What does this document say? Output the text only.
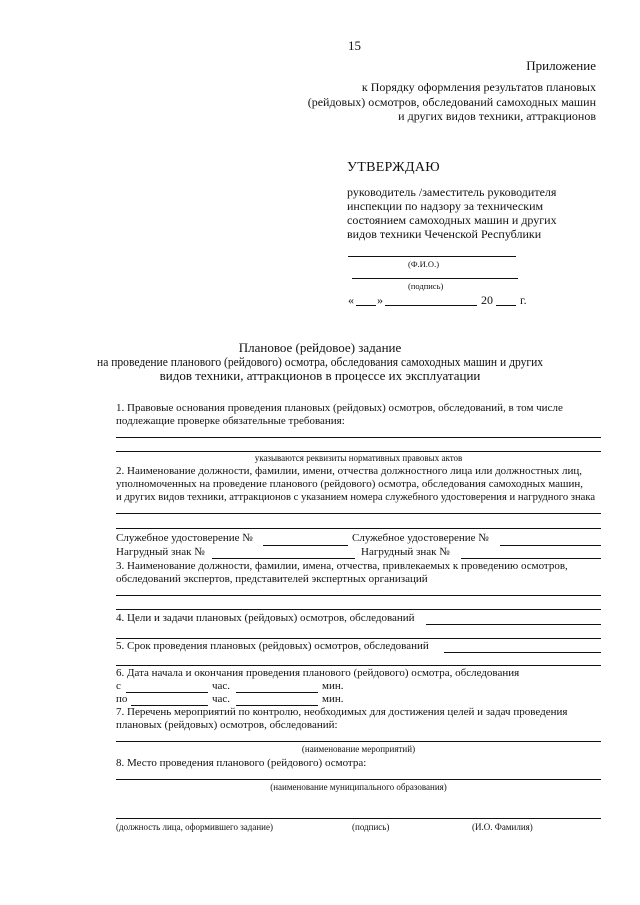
15
Приложение
к Порядку оформления результатов плановых
(рейдовых) осмотров, обследований самоходных машин
и других видов техники, аттракционов
УТВЕРЖДАЮ
руководитель /заместитель руководителя
инспекции по надзору за техническим
состоянием самоходных машин и других
видов техники Чеченской Республики
(Ф.И.О.)
(подпись)
« »	20 г.
Плановое (рейдовое) задание
на проведение планового (рейдового) осмотра, обследования самоходных машин и других
видов техники, аттракционов в процессе их эксплуатации
1. Правовые основания проведения плановых (рейдовых) осмотров, обследований, в том числе
подлежащие проверке обязательные требования:
указываются реквизиты нормативных правовых актов
2. Наименование должности, фамилии, имени, отчества должностного лица или должностных лиц,
уполномоченных на проведение планового (рейдового) осмотра, обследования самоходных машин,
и других видов техники, аттракционов с указанием номера служебного удостоверения и нагрудного знака
Служебное удостоверение №	Служебное удостоверение №
Нагрудный знак №	Нагрудный знак №
3. Наименование должности, фамилии, имена, отчества, привлекаемых к проведению осмотров,
обследований экспертов, представителей экспертных организаций
4. Цели и задачи плановых (рейдовых) осмотров, обследований
5. Срок проведения плановых (рейдовых) осмотров, обследований
6. Дата начала и окончания проведения планового (рейдового) осмотра, обследования
с	час.	мин.
по	час.	мин.
7. Перечень мероприятий по контролю, необходимых для достижения целей и задач проведения
плановых (рейдовых) осмотров, обследований:
(наименование мероприятий)
8. Место проведения планового (рейдового) осмотра:
(наименование муниципального образования)
(должность лица, оформившего задание)	(подпись)	(И.О. Фамилия)
